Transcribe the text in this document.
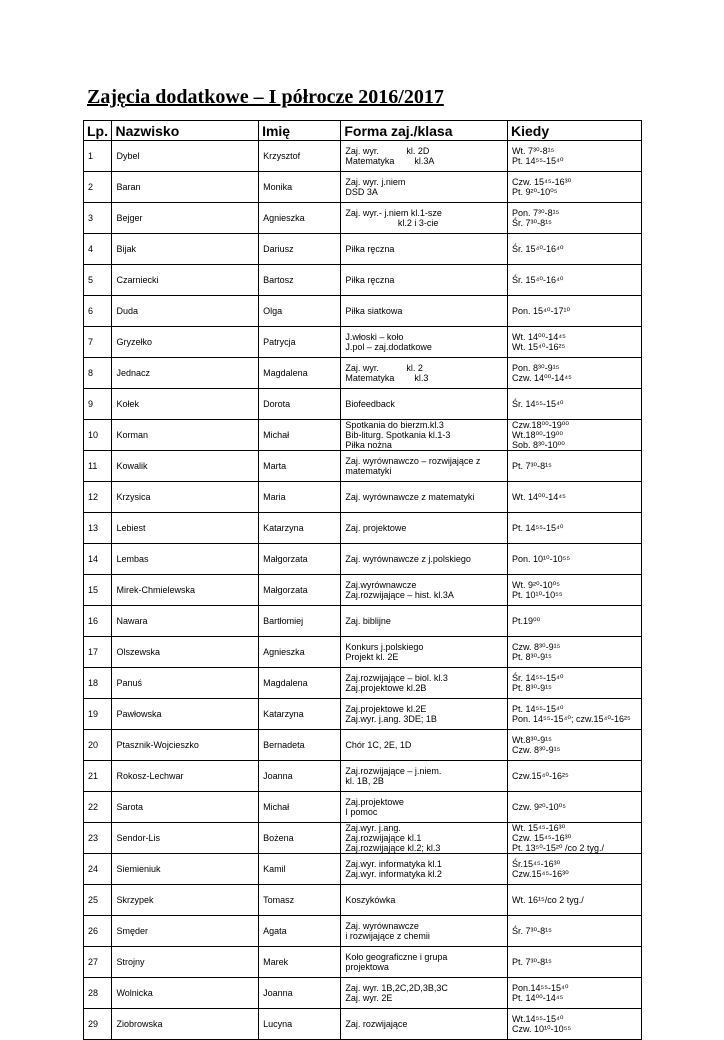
Zajęcia dodatkowe – I półrocze 2016/2017
Lp.	Nazwisko	Imię	Forma zaj./klasa	Kiedy
1	Dybel	Krzysztof	Zaj. wyr.           kl. 2D
Matematyka        kl.3A	Wt. 7³⁰-8¹⁵
Pt. 14⁵⁵-15⁴⁰

2	Baran	Monika	Zaj. wyr. j.niem
DSD 3A	Czw. 15⁴⁵-16³⁰
Pt. 9²⁰-10⁰⁵

3	Bejger	Agnieszka	Zaj. wyr.- j.niem kl.1-sze
kl.2 i 3-cie	Pon. 7³⁰-8¹⁵
Śr. 7³⁰-8¹⁵

4	Bijak	Dariusz	Piłka ręczna	Śr. 15⁴⁰-16⁴⁰

5	Czarniecki	Bartosz	Piłka ręczna	Śr. 15⁴⁰-16⁴⁰

6	Duda	Olga	Piłka siatkowa	Pon. 15⁴⁰-17¹⁰

7	Gryzełko	Patrycja	J.włoski – koło
J.pol – zaj.dodatkowe	Wt. 14⁰⁰-14⁴⁵
Wt. 15⁴⁰-16²⁵

8	Jednacz	Magdalena	Zaj. wyr.           kl. 2
Matematyka        kl.3	Pon. 8³⁰-9¹⁵
Czw. 14⁰⁰-14⁴⁵

9	Kołek	Dorota	Biofeedback	Śr. 14⁵⁵-15⁴⁰

10	Korman	Michał	Spotkania do bierzm.kl.3
Bib-liturg. Spotkania kl.1-3
Piłka nożna	Czw.18⁰⁰-19⁰⁰
Wt.18⁰⁰-19⁰⁰
Sob. 8³⁰-10⁰⁰

11	Kowalik	Marta	Zaj. wyrównawczo – rozwijające z
matematyki	Pt. 7³⁰-8¹⁵

12	Krzysica	Maria	Zaj. wyrównawcze z matematyki	Wt. 14⁰⁰-14⁴⁵

13	Lebiest	Katarzyna	Zaj. projektowe	Pt. 14⁵⁵-15⁴⁰

14	Lembas	Małgorzata	Zaj. wyrównawcze z j.polskiego	Pon. 10¹⁰-10⁵⁵

15	Mirek-Chmielewska	Małgorzata	Zaj.wyrównawcze
Zaj.rozwijające – hist. kl.3A	Wt. 9²⁰-10⁰⁵
Pt. 10¹⁰-10⁵⁵

16	Nawara	Bartłomiej	Zaj. biblijne	Pt.19⁰⁰

17	Olszewska	Agnieszka	Konkurs j.polskiego
Projekt kl. 2E	Czw. 8³⁰-9¹⁵
Pt. 8³⁰-9¹⁵

18	Panuś	Magdalena	Zaj.rozwijające – biol. kl.3
Zaj.projektowe kl.2B	Śr. 14⁵⁵-15⁴⁰
Pt. 8³⁰-9¹⁵

19	Pawłowska	Katarzyna	Zaj.projektowe kl.2E
Zaj.wyr. j.ang. 3DE; 1B	Pt. 14⁵⁵-15⁴⁰
Pon. 14⁵⁵-15⁴⁰; czw.15⁴⁰-16²⁵

20	Ptasznik-Wojcieszko	Bernadeta	Chór 1C, 2E, 1D	Wt.8³⁰-9¹⁵
Czw. 8³⁰-9¹⁵

21	Rokosz-Lechwar	Joanna	Zaj.rozwijające – j.niem.
kl. 1B, 2B	Czw.15⁴⁰-16²⁵

22	Sarota	Michał	Zaj.projektowe
I pomoc	Czw. 9²⁰-10⁰⁵

23	Sendor-Lis	Bożena	Zaj.wyr. j.ang.
Zaj.rozwijające kl.1
Zaj.rozwijające kl.2; kl.3	Wt. 15⁴⁵-16³⁰
Czw. 15⁴⁵-16³⁰
Pt. 13⁵⁰-15²⁰ /co 2 tyg./

24	Siemieniuk	Kamil	Zaj.wyr. informatyka kl.1
Zaj.wyr. informatyka kl.2	Śr.15⁴⁵-16³⁰
Czw.15⁴⁵-16³⁰

25	Skrzypek	Tomasz	Koszykówka	Wt. 16¹⁵/co 2 tyg./

26	Smęder	Agata	Zaj. wyrównawcze
i rozwijające z chemii	Śr. 7³⁰-8¹⁵

27	Strojny	Marek	Koło geograficzne i grupa
projektowa	Pt. 7³⁰-8¹⁵

28	Wolnicka	Joanna	Zaj. wyr. 1B,2C,2D,3B,3C
Zaj. wyr. 2E	Pon.14⁵⁵-15⁴⁰
Pt. 14⁰⁰-14⁴⁵

29	Ziobrowska	Lucyna	Zaj. rozwijające	Wt.14⁵⁵-15⁴⁰
Czw. 10¹⁰-10⁵⁵
